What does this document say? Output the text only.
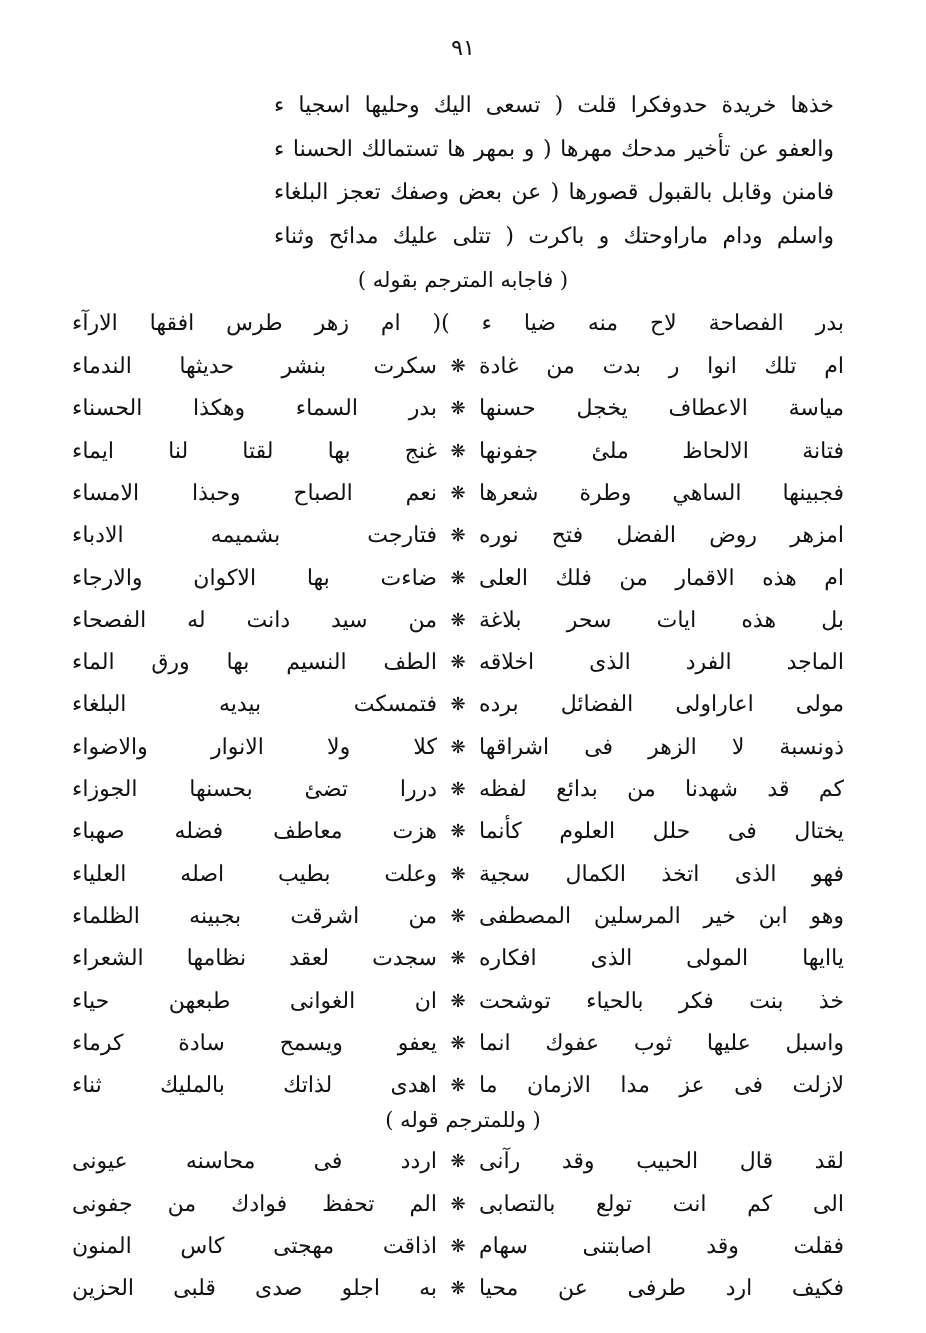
٩١
خذها خريدة حدوفكرا قلت ( تسعى اليك وحليها اسجيا ء
والعفو عن تأخير مدحك مهرها ( و بمهر ها تستمالك الحسنا ء
فامنن وقابل بالقبول قصورها ( عن بعض وصفك تعجز البلغاء
واسلم ودام ماراوحتك و باكرت ( تتلى عليك مدائح وثناء
( فاجابه المترجم بقوله )
بدر الفصاحة لاح منه ضيا ء )( ام زهر طرس افقها الارآء
ام تلك انوا ر بدت من غادة
❋
سكرت بنشر حديثها الندماء
مياسة الاعطاف يخجل حسنها
❋
بدر السماء وهكذا الحسناء
فتانة الالحاظ ملئ جفونها
❋
غنج بها لقتا لنا ايماء
فجبينها الساهي وطرة شعرها
❋
نعم الصباح وحبذا الامساء
امزهر روض الفضل فتح نوره
❋
فتارجت بشميمه الادباء
ام هذه الاقمار من فلك العلى
❋
ضاءت بها الاكوان والارجاء
بل هذه ايات سحر بلاغة
❋
من سيد دانت له الفصحاء
الماجد الفرد الذى اخلاقه
❋
الطف النسيم بها ورق الماء
مولى اعاراولى الفضائل برده
❋
فتمسكت بيديه البلغاء
ذونسبة لا الزهر فى اشراقها
❋
كلا ولا الانوار والاضواء
كم قد شهدنا من بدائع لفظه
❋
دررا تضئ بحسنها الجوزاء
يختال فى حلل العلوم كأنما
❋
هزت معاطف فضله صهباء
فهو الذى اتخذ الكمال سجية
❋
وعلت بطيب اصله العلياء
وهو ابن خير المرسلين المصطفى
❋
من اشرقت بجبينه الظلماء
ياايها المولى الذى افكاره
❋
سجدت لعقد نظامها الشعراء
خذ بنت فكر بالحياء توشحت
❋
ان الغوانى طبعهن حياء
واسبل عليها ثوب عفوك انما
❋
يعفو ويسمح سادة كرماء
لازلت فى عز مدا الازمان ما
❋
اهدى لذاتك بالمليك ثناء
( وللمترجم قوله )
لقد قال الحبيب وقد رآنى
❋
اردد فى محاسنه عيونى
الى كم انت تولع بالتصابى
❋
الم تحفظ فوادك من جفونى
فقلت وقد اصابتنى سهام
❋
اذاقت مهجتى كاس المنون
فكيف ارد طرفى عن محيا
❋
به اجلو صدى قلبى الحزين
